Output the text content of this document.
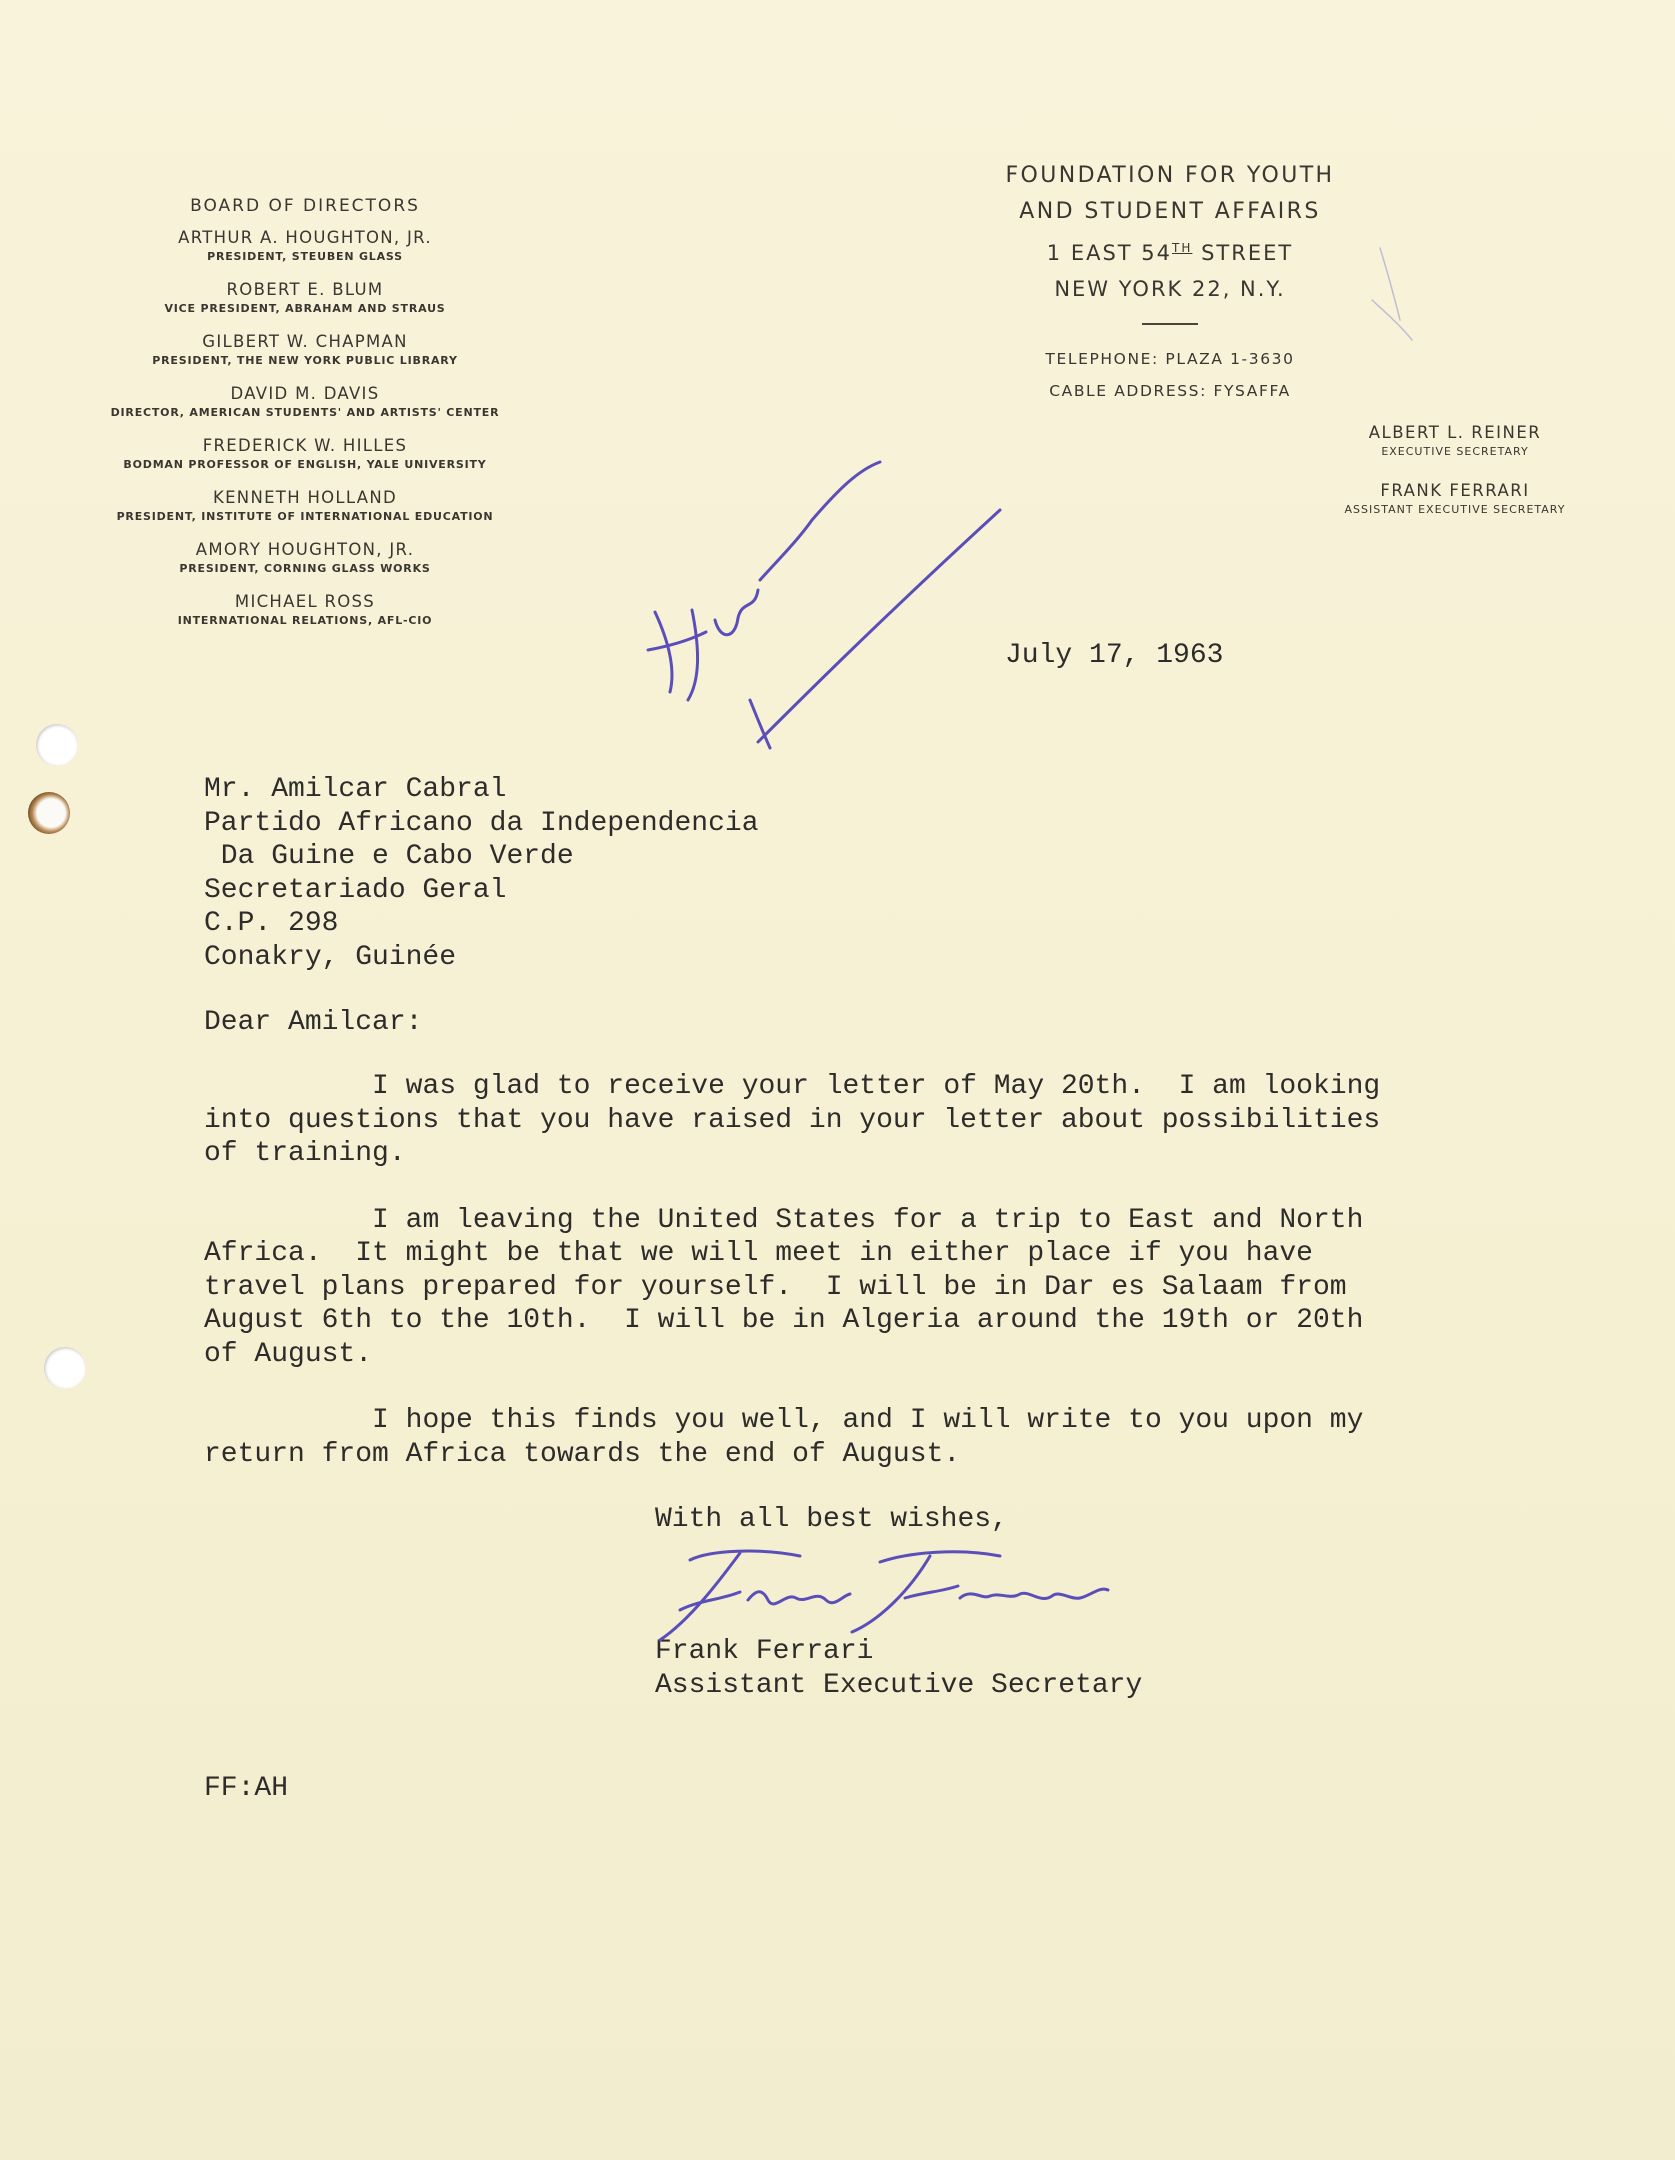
BOARD OF DIRECTORS
ARTHUR A. HOUGHTON, JR.
PRESIDENT, STEUBEN GLASS
ROBERT E. BLUM
VICE PRESIDENT, ABRAHAM AND STRAUS
GILBERT W. CHAPMAN
PRESIDENT, THE NEW YORK PUBLIC LIBRARY
DAVID M. DAVIS
DIRECTOR, AMERICAN STUDENTS' AND ARTISTS' CENTER
FREDERICK W. HILLES
BODMAN PROFESSOR OF ENGLISH, YALE UNIVERSITY
KENNETH HOLLAND
PRESIDENT, INSTITUTE OF INTERNATIONAL EDUCATION
AMORY HOUGHTON, JR.
PRESIDENT, CORNING GLASS WORKS
MICHAEL ROSS
INTERNATIONAL RELATIONS, AFL-CIO
FOUNDATION FOR YOUTH
AND STUDENT AFFAIRS
1 EAST 54TH STREET
NEW YORK 22, N.Y.
TELEPHONE: PLAZA 1-3630
CABLE ADDRESS: FYSAFFA
ALBERT L. REINER
EXECUTIVE SECRETARY
FRANK FERRARI
ASSISTANT EXECUTIVE SECRETARY
July 17, 1963
Mr. Amilcar Cabral
Partido Africano da Independencia
Da Guine e Cabo Verde
Secretariado Geral
C.P. 298
Conakry, Guinée
Dear Amilcar:

I was glad to receive your letter of May 20th.  I am looking
into questions that you have raised in your letter about possibilities
of training.

I am leaving the United States for a trip to East and North
Africa.  It might be that we will meet in either place if you have
travel plans prepared for yourself.  I will be in Dar es Salaam from
August 6th to the 10th.  I will be in Algeria around the 19th or 20th
of August.

I hope this finds you well, and I will write to you upon my
return from Africa towards the end of August.

With all best wishes,
Frank Ferrari
Assistant Executive Secretary
FF:AH
